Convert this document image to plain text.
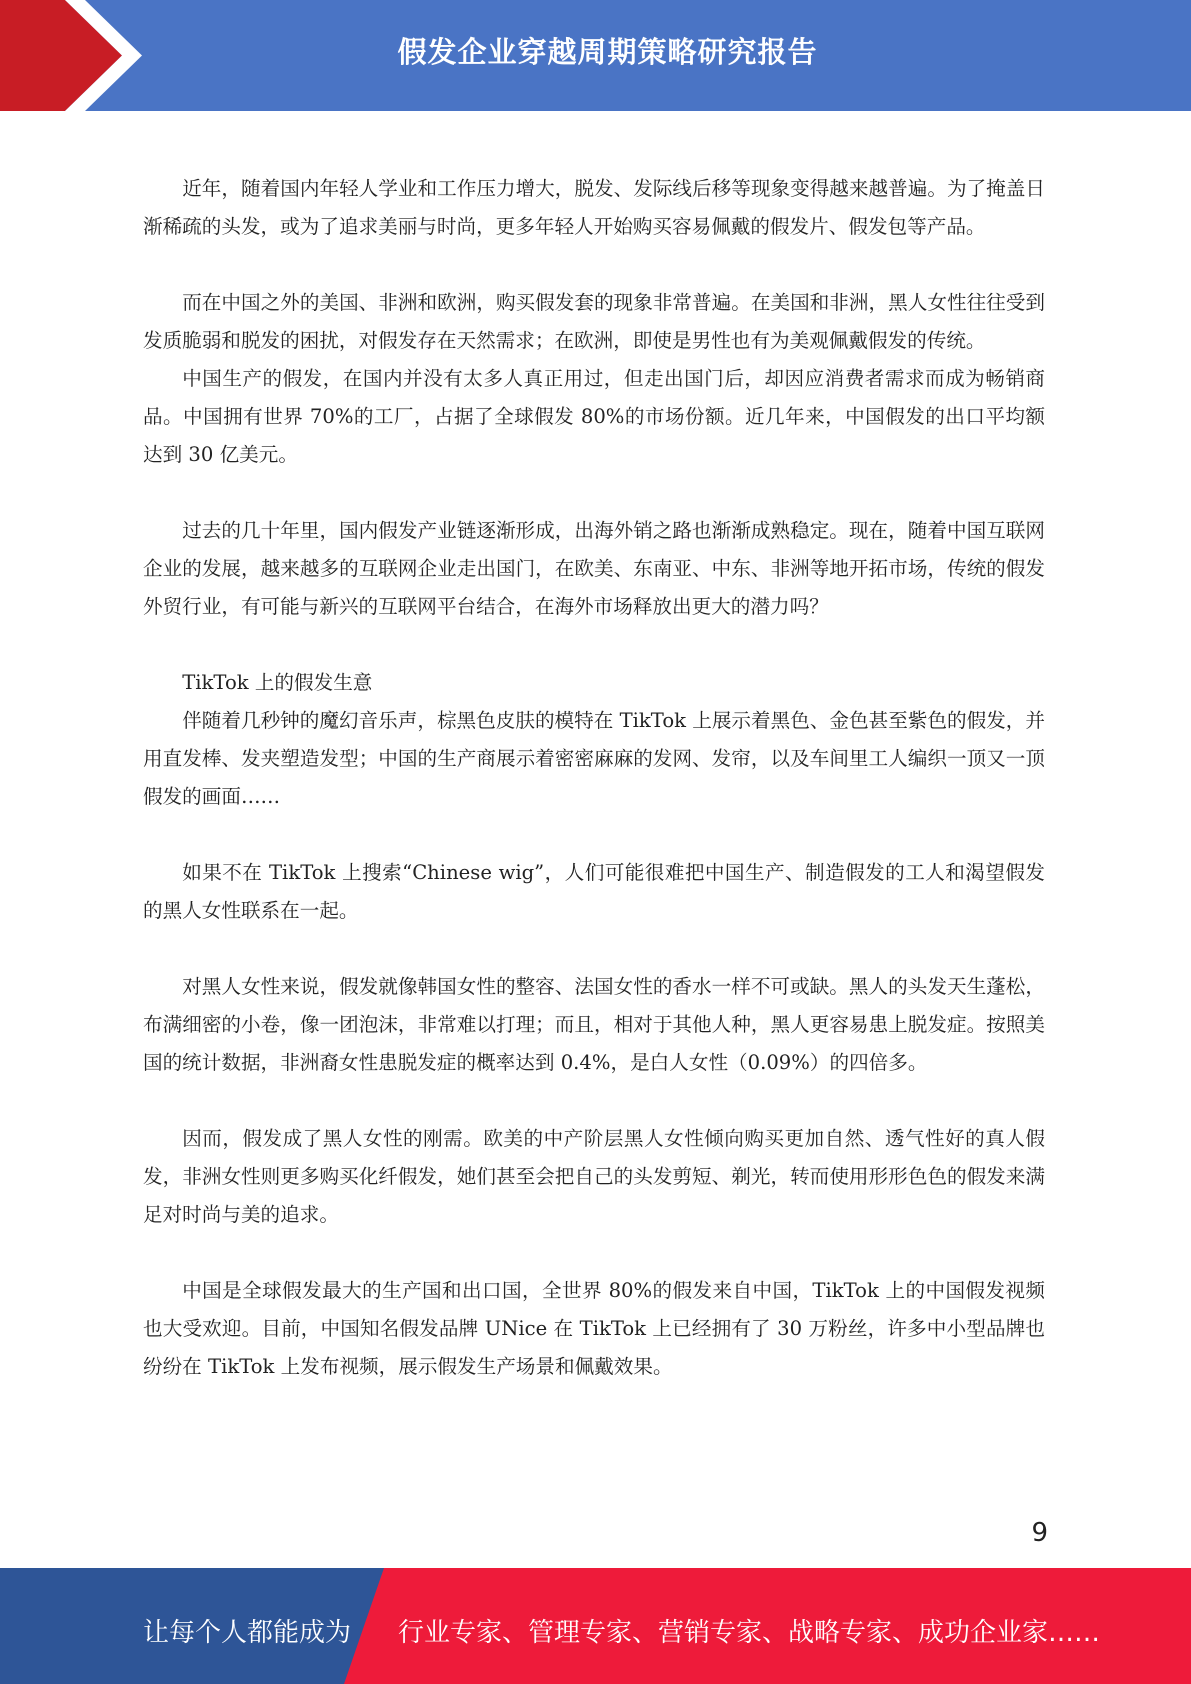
假发企业穿越周期策略研究报告

近年，随着国内年轻人学业和工作压力增大，脱发、发际线后移等现象变得越来越普遍。为了掩盖日渐稀疏的头发，或为了追求美丽与时尚，更多年轻人开始购买容易佩戴的假发片、假发包等产品。

而在中国之外的美国、非洲和欧洲，购买假发套的现象非常普遍。在美国和非洲，黑人女性往往受到发质脆弱和脱发的困扰，对假发存在天然需求；在欧洲，即使是男性也有为美观佩戴假发的传统。

中国生产的假发，在国内并没有太多人真正用过，但走出国门后，却因应消费者需求而成为畅销商品。中国拥有世界 70%的工厂，占据了全球假发 80%的市场份额。近几年来，中国假发的出口平均额达到 30 亿美元。

过去的几十年里，国内假发产业链逐渐形成，出海外销之路也渐渐成熟稳定。现在，随着中国互联网企业的发展，越来越多的互联网企业走出国门，在欧美、东南亚、中东、非洲等地开拓市场，传统的假发外贸行业，有可能与新兴的互联网平台结合，在海外市场释放出更大的潜力吗？

TikTok 上的假发生意

伴随着几秒钟的魔幻音乐声，棕黑色皮肤的模特在 TikTok 上展示着黑色、金色甚至紫色的假发，并用直发棒、发夹塑造发型；中国的生产商展示着密密麻麻的发网、发帘，以及车间里工人编织一顶又一顶假发的画面……

如果不在 TikTok 上搜索“Chinese wig”，人们可能很难把中国生产、制造假发的工人和渴望假发的黑人女性联系在一起。

对黑人女性来说，假发就像韩国女性的整容、法国女性的香水一样不可或缺。黑人的头发天生蓬松，布满细密的小卷，像一团泡沫，非常难以打理；而且，相对于其他人种，黑人更容易患上脱发症。按照美国的统计数据，非洲裔女性患脱发症的概率达到 0.4%，是白人女性（0.09%）的四倍多。

因而，假发成了黑人女性的刚需。欧美的中产阶层黑人女性倾向购买更加自然、透气性好的真人假发，非洲女性则更多购买化纤假发，她们甚至会把自己的头发剪短、剃光，转而使用形形色色的假发来满足对时尚与美的追求。

中国是全球假发最大的生产国和出口国，全世界 80%的假发来自中国，TikTok 上的中国假发视频也大受欢迎。目前，中国知名假发品牌 UNice 在 TikTok 上已经拥有了 30 万粉丝，许多中小型品牌也纷纷在 TikTok 上发布视频，展示假发生产场景和佩戴效果。

9
让每个人都能成为 行业专家、管理专家、营销专家、战略专家、成功企业家……
